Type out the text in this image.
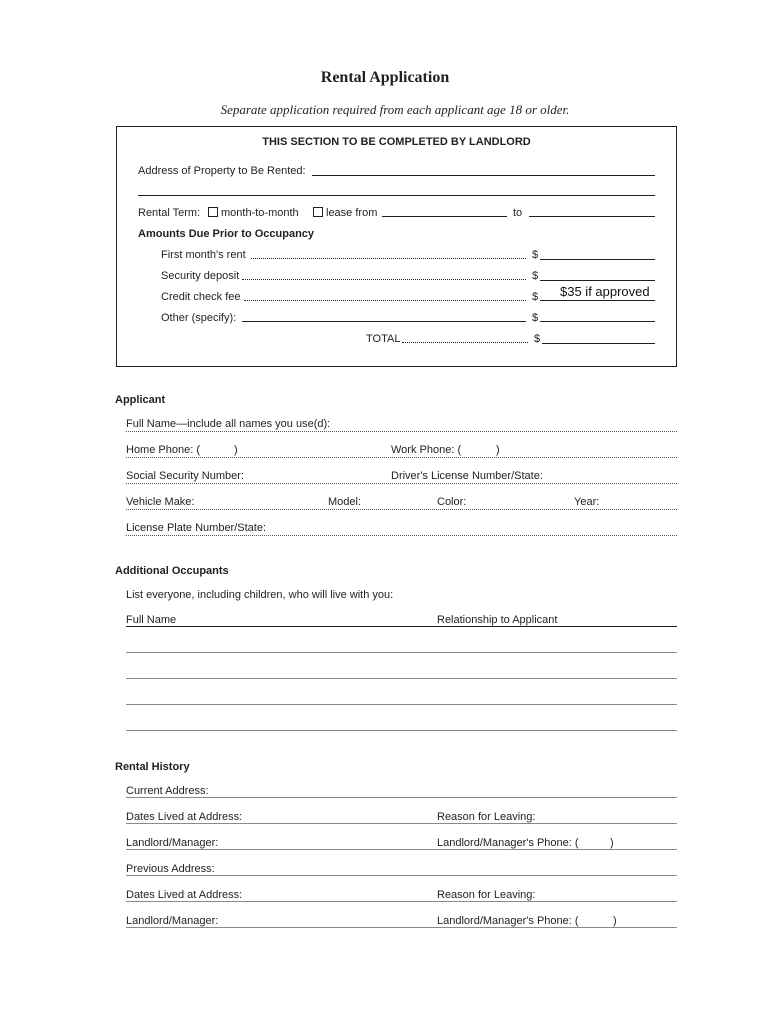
Rental Application
Separate application required from each applicant age 18 or older.
THIS SECTION TO BE COMPLETED BY LANDLORD
Address of Property to Be Rented:
Rental Term:	month-to-month	lease from	to
Amounts Due Prior to Occupancy
First month's rent	$
Security deposit	$
Credit check fee	$ $35 if approved
Other (specify):	$
TOTAL	$
Applicant
Full Name—include all names you use(d):
Home Phone: (	)	Work Phone: (	)
Social Security Number:	Driver's License Number/State:
Vehicle Make:	Model:	Color:	Year:
License Plate Number/State:
Additional Occupants
List everyone, including children, who will live with you:
Full Name	Relationship to Applicant
Rental History
Current Address:
Dates Lived at Address:	Reason for Leaving:
Landlord/Manager:	Landlord/Manager's Phone: (	)
Previous Address:
Dates Lived at Address:	Reason for Leaving:
Landlord/Manager:	Landlord/Manager's Phone: (	)
